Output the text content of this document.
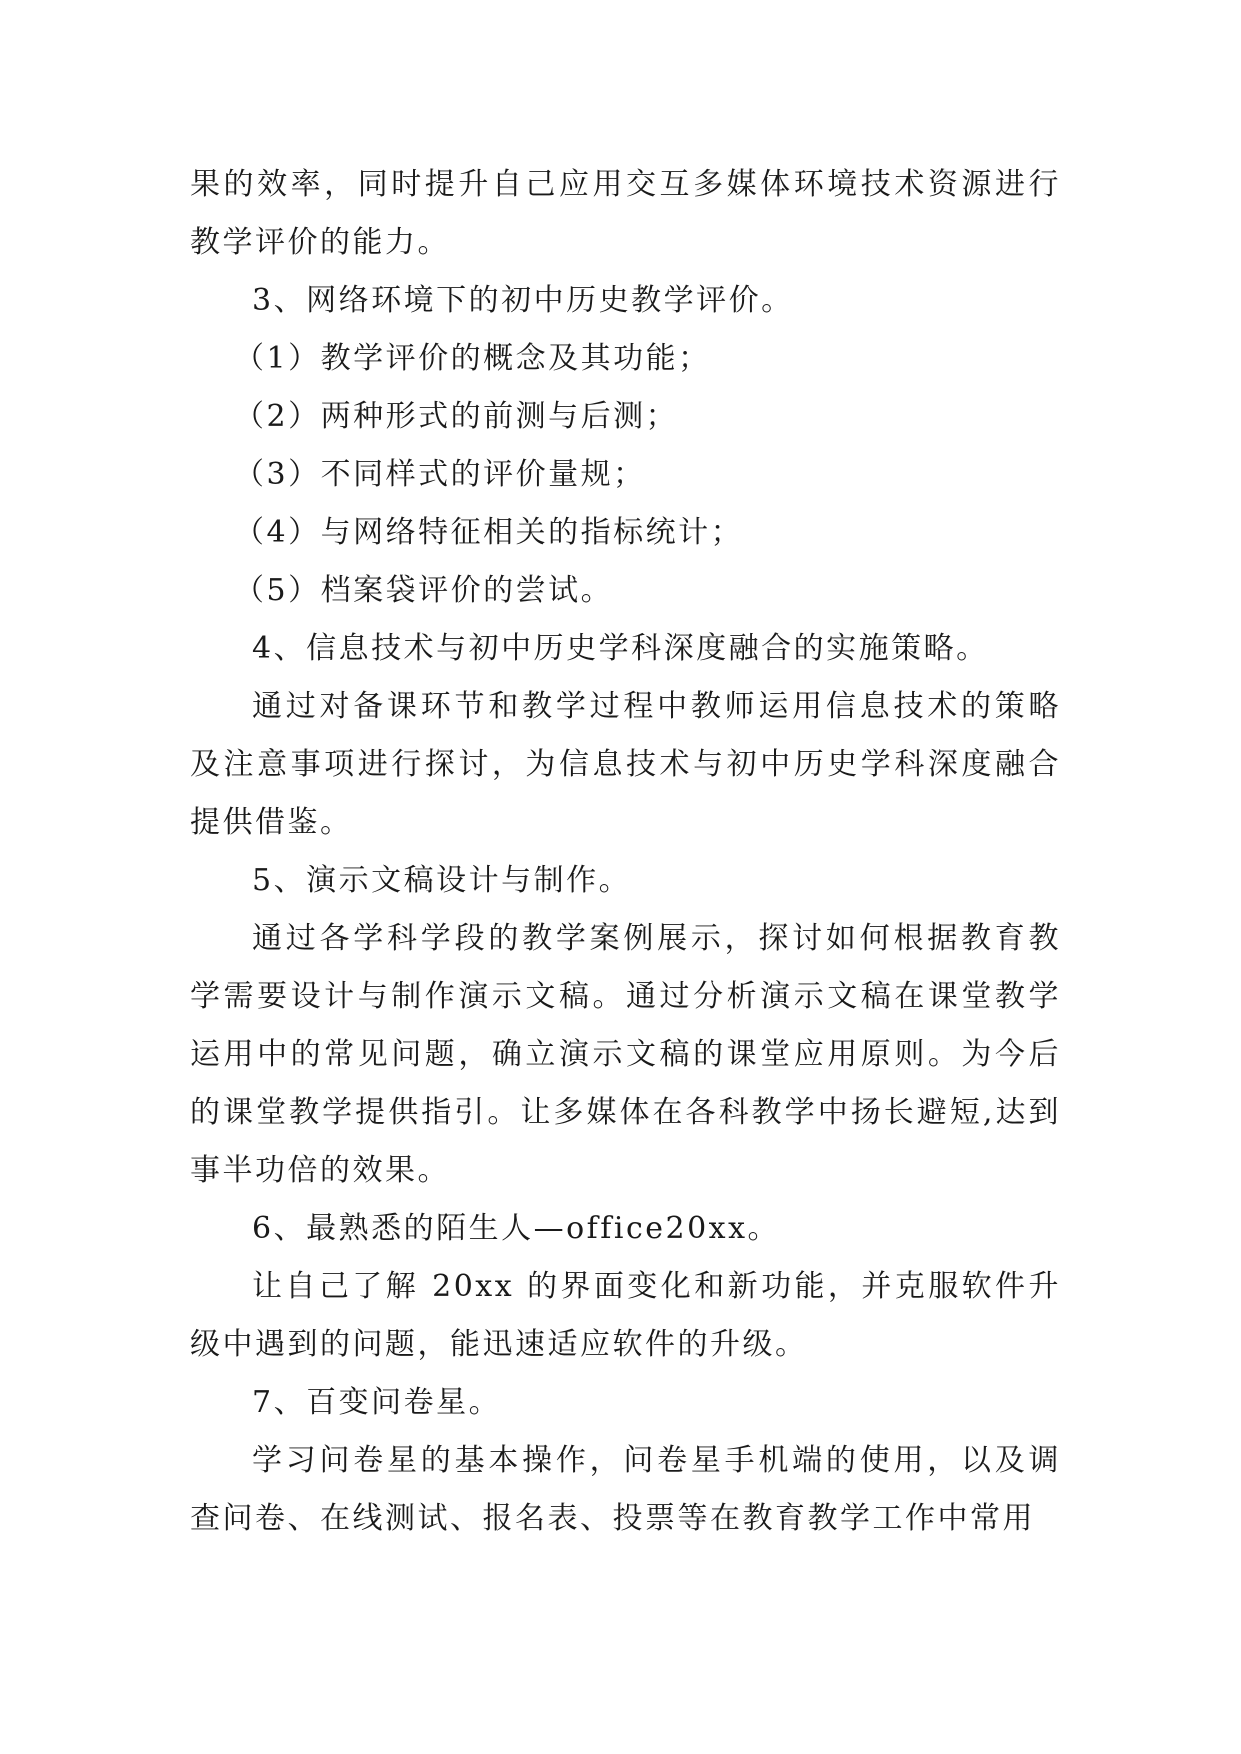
果的效率，同时提升自己应用交互多媒体环境技术资源进行教学评价的能力。

3、网络环境下的初中历史教学评价。

（1）教学评价的概念及其功能；

（2）两种形式的前测与后测；

（3）不同样式的评价量规；

（4）与网络特征相关的指标统计；

（5）档案袋评价的尝试。

4、信息技术与初中历史学科深度融合的实施策略。

通过对备课环节和教学过程中教师运用信息技术的策略及注意事项进行探讨，为信息技术与初中历史学科深度融合提供借鉴。

5、演示文稿设计与制作。

通过各学科学段的教学案例展示，探讨如何根据教育教学需要设计与制作演示文稿。通过分析演示文稿在课堂教学运用中的常见问题，确立演示文稿的课堂应用原则。为今后的课堂教学提供指引。让多媒体在各科教学中扬长避短,达到事半功倍的效果。

6、最熟悉的陌生人—office20xx。

让自己了解 20xx 的界面变化和新功能，并克服软件升级中遇到的问题，能迅速适应软件的升级。

7、百变问卷星。

学习问卷星的基本操作，问卷星手机端的使用，以及调查问卷、在线测试、报名表、投票等在教育教学工作中常用
